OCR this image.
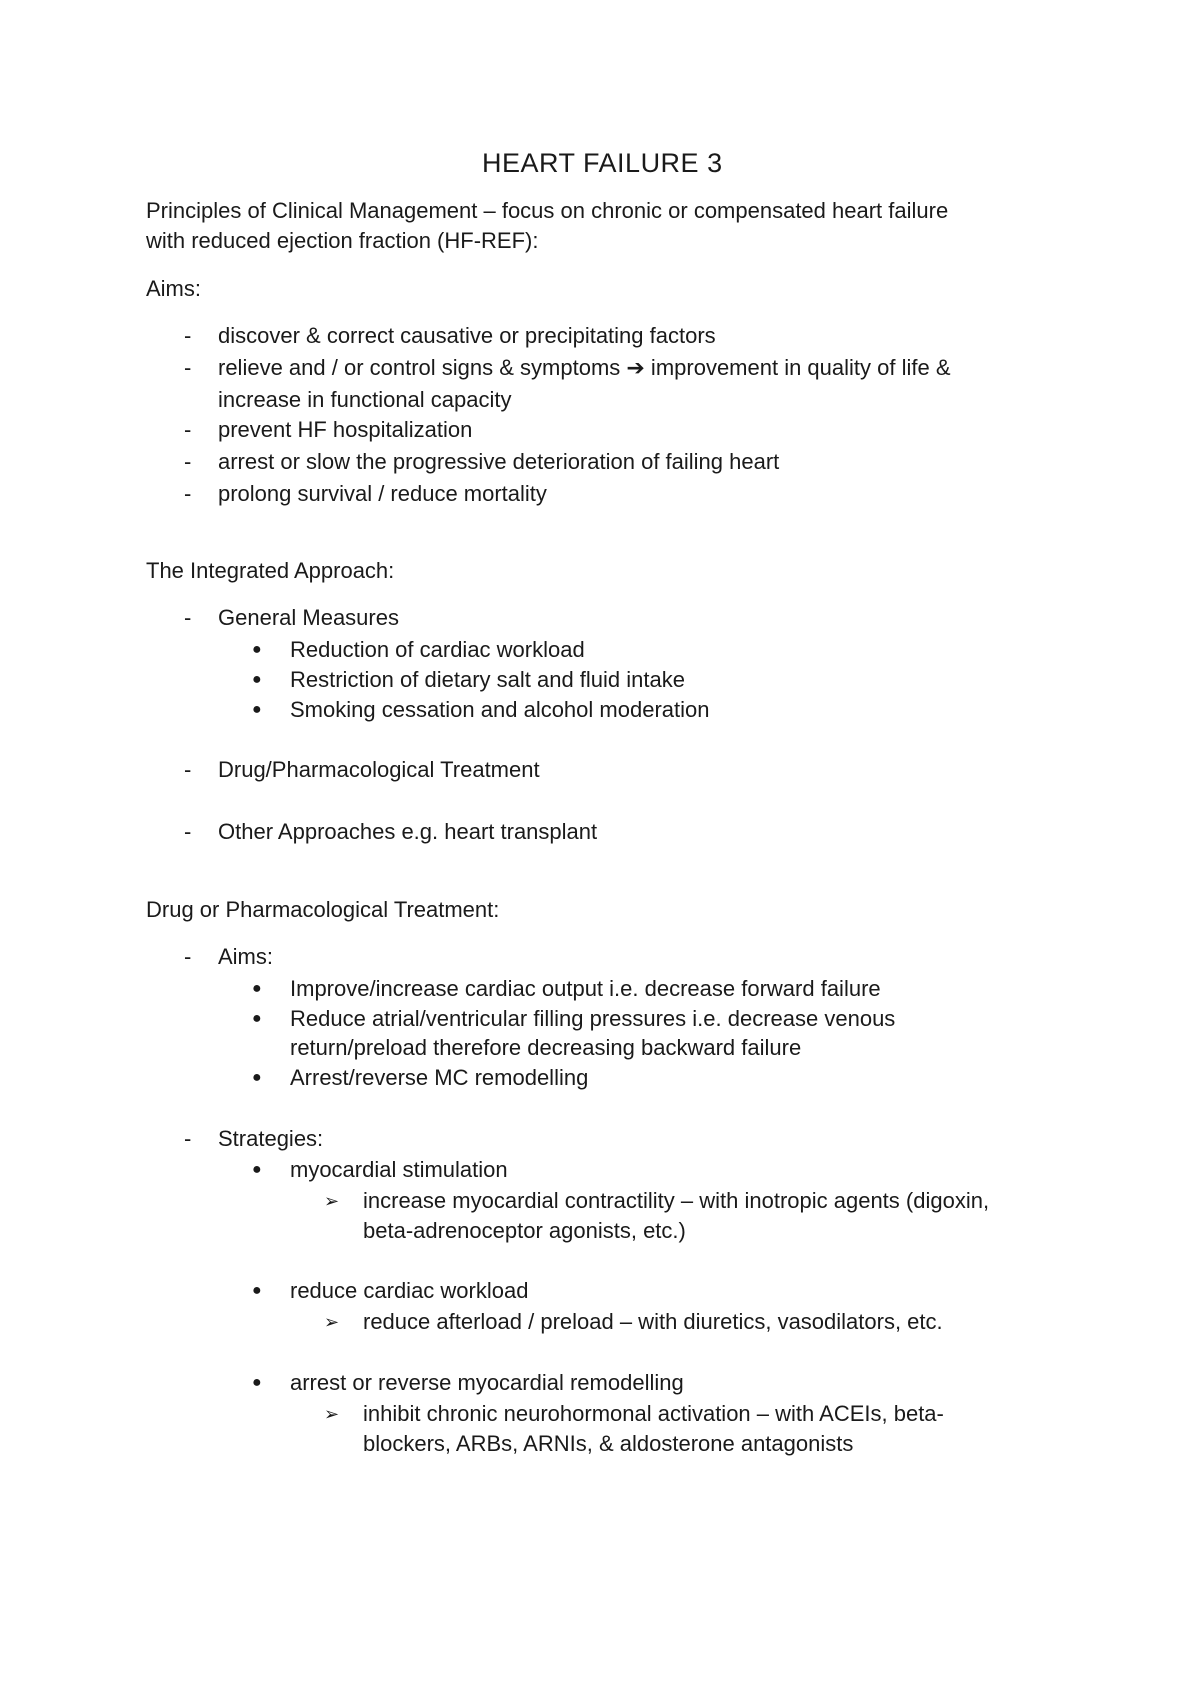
HEART FAILURE 3
Principles of Clinical Management – focus on chronic or compensated heart failure
with reduced ejection fraction (HF-REF):
Aims:
- discover & correct causative or precipitating factors
- relieve and / or control signs & symptoms ➔ improvement in quality of life &
increase in functional capacity
- prevent HF hospitalization
- arrest or slow the progressive deterioration of failing heart
- prolong survival / reduce mortality
The Integrated Approach:
- General Measures
● Reduction of cardiac workload
● Restriction of dietary salt and fluid intake
● Smoking cessation and alcohol moderation
- Drug/Pharmacological Treatment
- Other Approaches e.g. heart transplant
Drug or Pharmacological Treatment:
- Aims:
● Improve/increase cardiac output i.e. decrease forward failure
● Reduce atrial/ventricular filling pressures i.e. decrease venous
return/preload therefore decreasing backward failure
● Arrest/reverse MC remodelling
- Strategies:
● myocardial stimulation
➢ increase myocardial contractility – with inotropic agents (digoxin,
beta-adrenoceptor agonists, etc.)
● reduce cardiac workload
➢ reduce afterload / preload – with diuretics, vasodilators, etc.
● arrest or reverse myocardial remodelling
➢ inhibit chronic neurohormonal activation – with ACEIs, beta-
blockers, ARBs, ARNIs, & aldosterone antagonists
